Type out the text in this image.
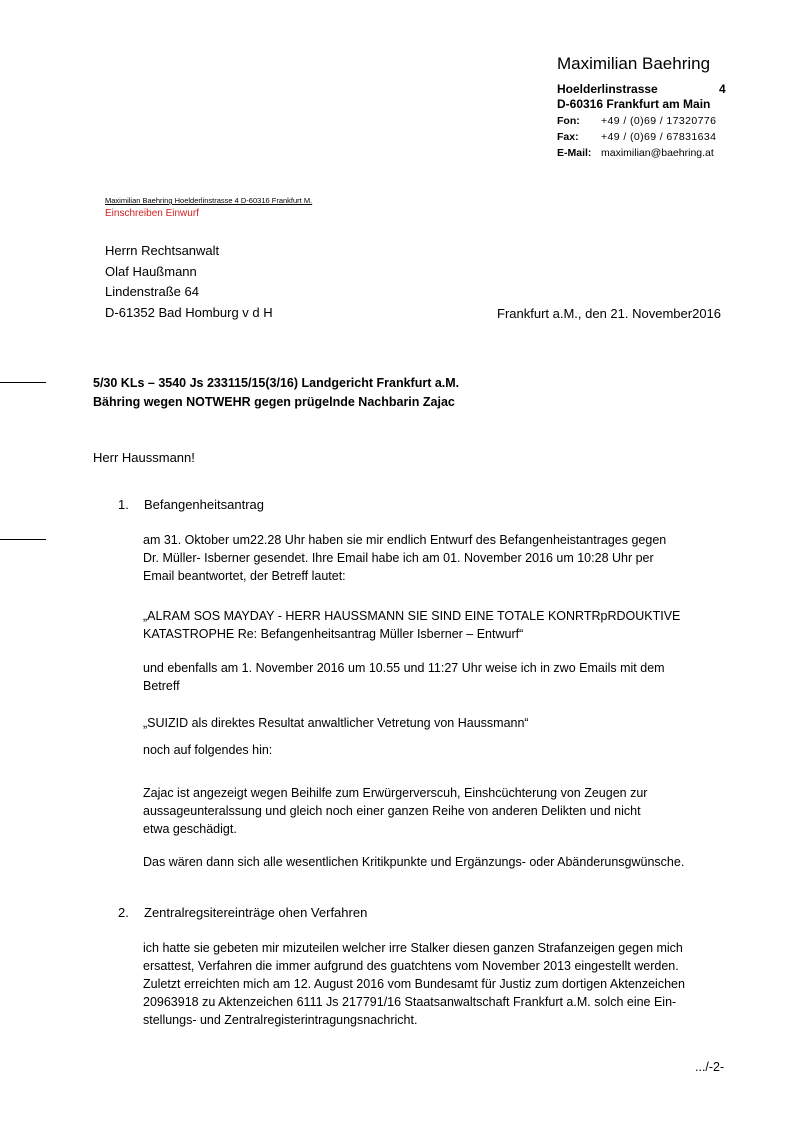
Maximilian Baehring
Hoelderlinstrasse	4
D-60316 Frankfurt am Main
Fon: +49 / (0)69 / 17320776
Fax: +49 / (0)69 / 67831634
E-Mail: maximilian@baehring.at
Maximilian Baehring Hoelderlinstrasse 4 D-60316 Frankfurt M.
Einschreiben Einwurf
Herrn Rechtsanwalt
Olaf Haußmann
Lindenstraße 64
D-61352 Bad Homburg v d H	Frankfurt a.M., den 21. November2016
5/30 KLs – 3540 Js 233115/15(3/16) Landgericht Frankfurt a.M.
Bähring wegen NOTWEHR gegen prügelnde Nachbarin Zajac
Herr Haussmann!
1. Befangenheitsantrag
am 31. Oktober um22.28 Uhr haben sie mir endlich Entwurf des Befangenheistantrages gegen
Dr. Müller- Isberner gesendet. Ihre Email habe ich am 01. November 2016 um 10:28 Uhr per
Email beantwortet, der Betreff lautet:
„ALRAM SOS MAYDAY - HERR HAUSSMANN SIE SIND EINE TOTALE KONRTRpRDOUKTIVE
KATASTROPHE Re: Befangenheitsantrag Müller Isberner – Entwurf“
und ebenfalls am 1. November 2016 um 10.55 und 11:27 Uhr weise ich in zwo Emails mit dem
Betreff
„SUIZID als direktes Resultat anwaltlicher Vetretung von Haussmann“
noch auf folgendes hin:
Zajac ist angezeigt wegen Beihilfe zum Erwürgerverscuh, Einshcüchterung von Zeugen zur
aussageunteralssung und gleich noch einer ganzen Reihe von anderen Delikten und nicht
etwa geschädigt.
Das wären dann sich alle wesentlichen Kritikpunkte und Ergänzungs- oder Abänderunsgwünsche.
2. Zentralregsitereinträge ohen Verfahren
ich hatte sie gebeten mir mizuteilen welcher irre Stalker diesen ganzen Strafanzeigen gegen mich
ersattest, Verfahren die immer aufgrund des guatchtens vom November 2013 eingestellt werden.
Zuletzt erreichten mich am 12. August 2016 vom Bundesamt für Justiz zum dortigen Aktenzeichen
20963918 zu Aktenzeichen 6111 Js 217791/16 Staatsanwaltschaft Frankfurt a.M. solch eine Ein-
stellungs- und Zentralregisterintragungsnachricht.
.../-2-
